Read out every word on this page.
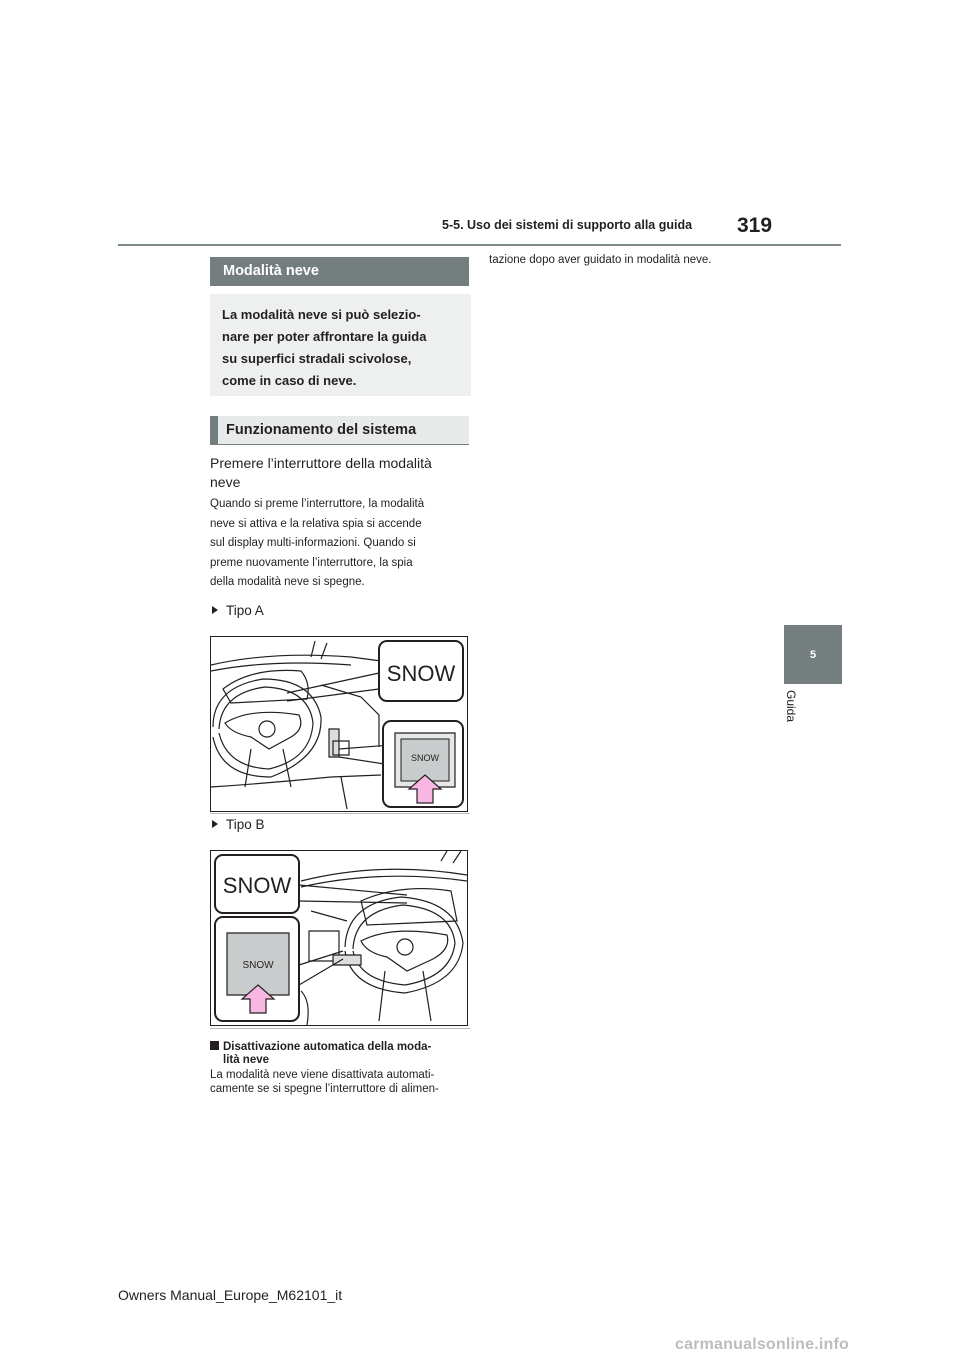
5-5. Uso dei sistemi di supporto alla guida 319
5
Guida
Modalità neve
La modalità neve si può selezio-
nare per poter affrontare la guida
su superfici stradali scivolose,
come in caso di neve.
Funzionamento del sistema
Premere l’interruttore della modalità
neve
Quando si preme l’interruttore, la modalità
neve si attiva e la relativa spia si accende
sul display multi-informazioni. Quando si
preme nuovamente l’interruttore, la spia
della modalità neve si spegne.
Tipo A
SNOW
SNOW
Tipo B
SNOW
SNOW
Disattivazione automatica della moda-
lità neve
La modalità neve viene disattivata automati-
camente se si spegne l’interruttore di alimen-
tazione dopo aver guidato in modalità neve.
Owners Manual_Europe_M62101_it
carmanualsonline.info
